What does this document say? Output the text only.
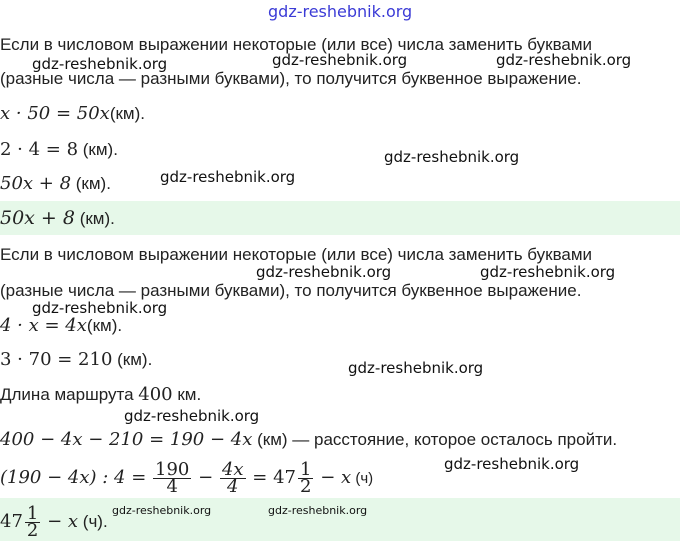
gdz-reshebnik.org
Если в числовом выражении некоторые (или все) числа заменить буквами
(разные числа — разными буквами), то получится буквенное выражение.
x · 50 = 50x(км).
2 · 4 = 8 (км).
50x + 8 (км).
50x + 8 (км).
Если в числовом выражении некоторые (или все) числа заменить буквами
(разные числа — разными буквами), то получится буквенное выражение.
4 · x = 4x(км).
3 · 70 = 210 (км).
Длина маршрута 400 км.
400 − 4x − 210 = 190 − 4x (км) — расстояние, которое осталось пройти.
(190 − 4x) : $4 = \frac{190}{4} - \frac{4x}{4} = 47 \frac{1}{2} - x$ (ч)
$47 \frac{1}{2} - x$ (ч).
gdz-reshebnik.org	gdz-reshebnik.org	gdz-reshebnik.org
gdz-reshebnik.org
gdz-reshebnik.org
gdz-reshebnik.org	gdz-reshebnik.org
gdz-reshebnik.org
gdz-reshebnik.org
gdz-reshebnik.org
gdz-reshebnik.org
gdz-reshebnik.org	gdz-reshebnik.org
